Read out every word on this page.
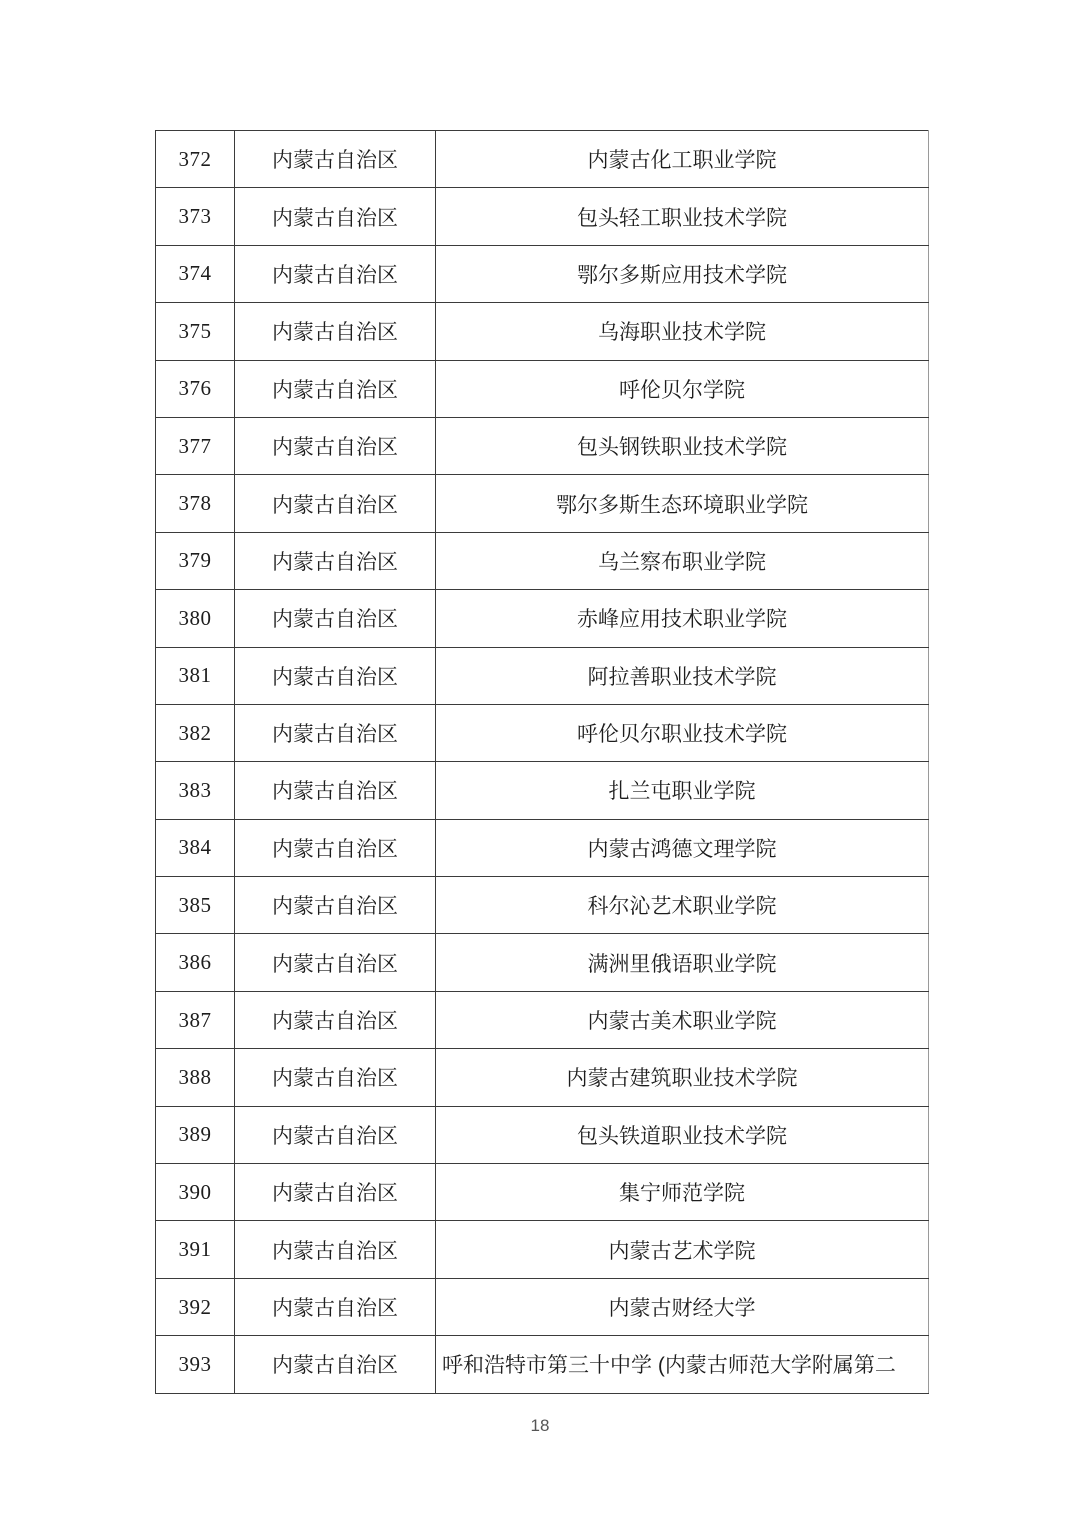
372	内蒙古自治区	内蒙古化工职业学院
373	内蒙古自治区	包头轻工职业技术学院
374	内蒙古自治区	鄂尔多斯应用技术学院
375	内蒙古自治区	乌海职业技术学院
376	内蒙古自治区	呼伦贝尔学院
377	内蒙古自治区	包头钢铁职业技术学院
378	内蒙古自治区	鄂尔多斯生态环境职业学院
379	内蒙古自治区	乌兰察布职业学院
380	内蒙古自治区	赤峰应用技术职业学院
381	内蒙古自治区	阿拉善职业技术学院
382	内蒙古自治区	呼伦贝尔职业技术学院
383	内蒙古自治区	扎兰屯职业学院
384	内蒙古自治区	内蒙古鸿德文理学院
385	内蒙古自治区	科尔沁艺术职业学院
386	内蒙古自治区	满洲里俄语职业学院
387	内蒙古自治区	内蒙古美术职业学院
388	内蒙古自治区	内蒙古建筑职业技术学院
389	内蒙古自治区	包头铁道职业技术学院
390	内蒙古自治区	集宁师范学院
391	内蒙古自治区	内蒙古艺术学院
392	内蒙古自治区	内蒙古财经大学
393	内蒙古自治区	呼和浩特市第三十中学 (内蒙古师范大学附属第二
18
